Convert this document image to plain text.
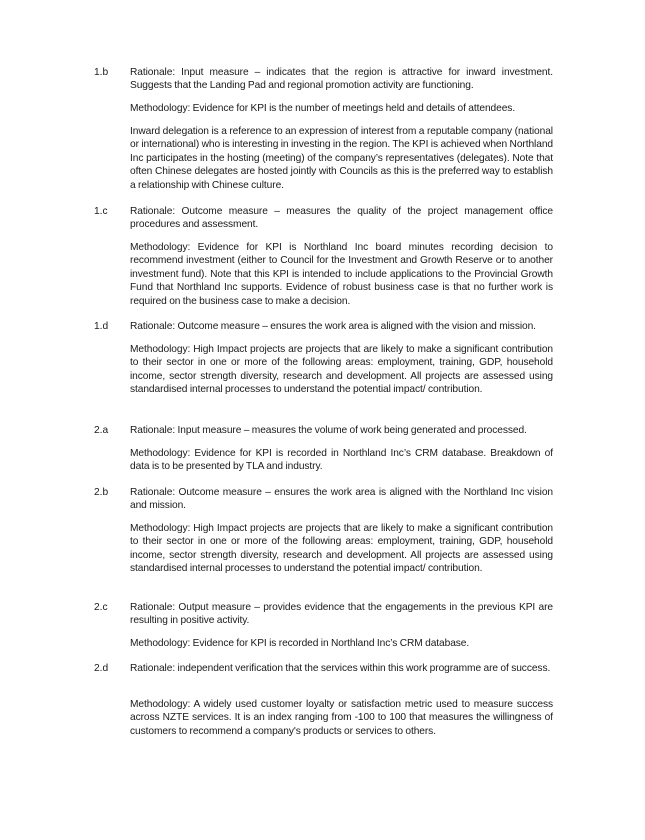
1.b Rationale: Input measure – indicates that the region is attractive for inward investment. Suggests that the Landing Pad and regional promotion activity are functioning.

Methodology: Evidence for KPI is the number of meetings held and details of attendees.

Inward delegation is a reference to an expression of interest from a reputable company (national or international) who is interesting in investing in the region. The KPI is achieved when Northland Inc participates in the hosting (meeting) of the company’s representatives (delegates). Note that often Chinese delegates are hosted jointly with Councils as this is the preferred way to establish a relationship with Chinese culture.

1.c Rationale: Outcome measure – measures the quality of the project management office procedures and assessment.

Methodology: Evidence for KPI is Northland Inc board minutes recording decision to recommend investment (either to Council for the Investment and Growth Reserve or to another investment fund). Note that this KPI is intended to include applications to the Provincial Growth Fund that Northland Inc supports. Evidence of robust business case is that no further work is required on the business case to make a decision.

1.d Rationale: Outcome measure – ensures the work area is aligned with the vision and mission.

Methodology: High Impact projects are projects that are likely to make a significant contribution to their sector in one or more of the following areas: employment, training, GDP, household income, sector strength diversity, research and development. All projects are assessed using standardised internal processes to understand the potential impact/ contribution.

2.a Rationale: Input measure – measures the volume of work being generated and processed.

Methodology: Evidence for KPI is recorded in Northland Inc’s CRM database. Breakdown of data is to be presented by TLA and industry.

2.b Rationale: Outcome measure – ensures the work area is aligned with the Northland Inc vision and mission.

Methodology: High Impact projects are projects that are likely to make a significant contribution to their sector in one or more of the following areas: employment, training, GDP, household income, sector strength diversity, research and development. All projects are assessed using standardised internal processes to understand the potential impact/ contribution.

2.c Rationale: Output measure – provides evidence that the engagements in the previous KPI are resulting in positive activity.

Methodology: Evidence for KPI is recorded in Northland Inc’s CRM database.

2.d Rationale: independent verification that the services within this work programme are of success.

Methodology: A widely used customer loyalty or satisfaction metric used to measure success across NZTE services. It is an index ranging from -100 to 100 that measures the willingness of customers to recommend a company's products or services to others.
